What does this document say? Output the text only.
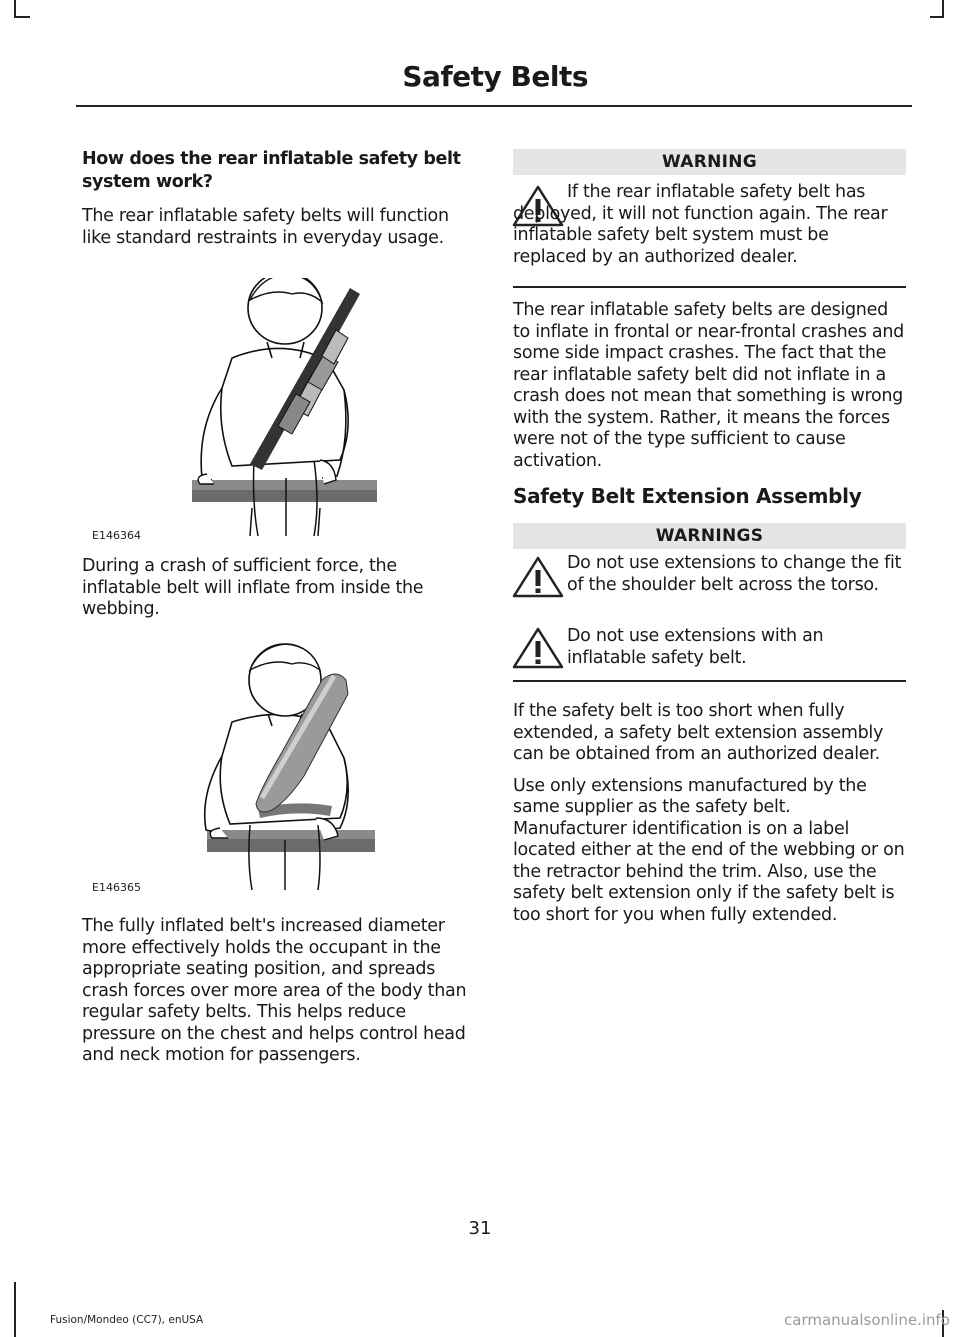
Safety Belts

How does the rear inflatable safety belt system work?

The rear inflatable safety belts will function like standard restraints in everyday usage.

E146364

During a crash of sufficient force, the inflatable belt will inflate from inside the webbing.

E146365

The fully inflated belt's increased diameter more effectively holds the occupant in the appropriate seating position, and spreads crash forces over more area of the body than regular safety belts. This helps reduce pressure on the chest and helps control head and neck motion for passengers.

WARNING

If the rear inflatable safety belt has deployed, it will not function again. The rear inflatable safety belt system must be replaced by an authorized dealer.

The rear inflatable safety belts are designed to inflate in frontal or near-frontal crashes and some side impact crashes. The fact that the rear inflatable safety belt did not inflate in a crash does not mean that something is wrong with the system. Rather, it means the forces were not of the type sufficient to cause activation.

Safety Belt Extension Assembly

WARNINGS

Do not use extensions to change the fit of the shoulder belt across the torso.

Do not use extensions with an inflatable safety belt.

If the safety belt is too short when fully extended, a safety belt extension assembly can be obtained from an authorized dealer.

Use only extensions manufactured by the same supplier as the safety belt. Manufacturer identification is on a label located either at the end of the webbing or on the retractor behind the trim. Also, use the safety belt extension only if the safety belt is too short for you when fully extended.

31
Fusion/Mondeo (CC7), enUSA	carmanualsonline.info
